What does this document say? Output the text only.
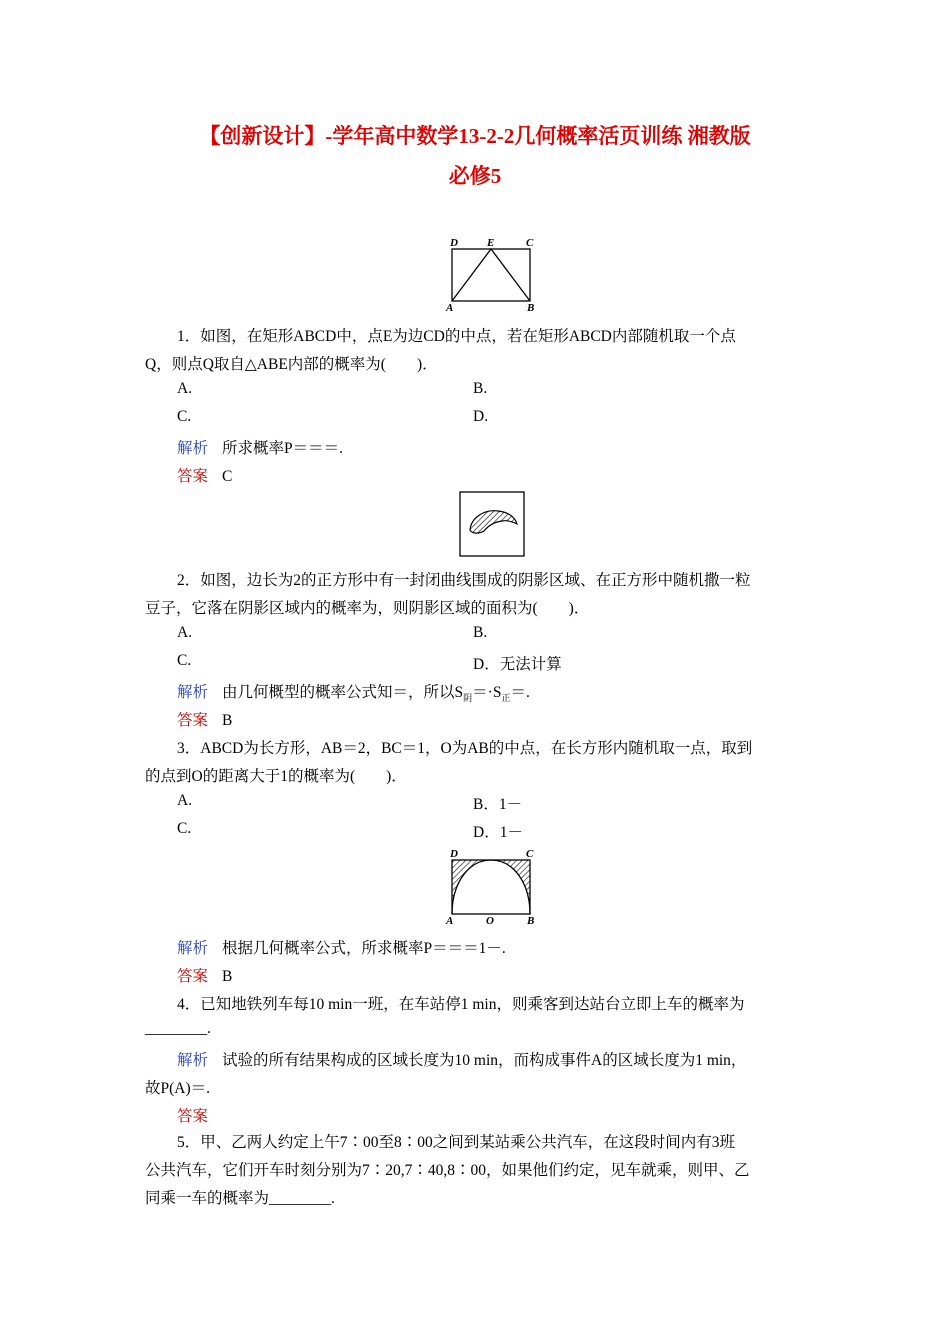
【创新设计】-学年高中数学13-2-2几何概率活页训练 湘教版
必修5
D	E	C
A	B
1．如图，在矩形ABCD中，点E为边CD的中点，若在矩形ABCD内部随机取一个点
Q，则点Q取自△ABE内部的概率为(　　)．
A.	B.
C.	D.
解析 所求概率P＝＝＝.
答案 C
2．如图，边长为2的正方形中有一封闭曲线围成的阴影区域、在正方形中随机撒一粒
豆子，它落在阴影区域内的概率为，则阴影区域的面积为(　　)．
A.	B.
C.	D．无法计算
解析 由几何概型的概率公式知＝，所以$S_阴=\cdot S_正=$.
答案 B
3．ABCD为长方形，AB＝2，BC＝1，O为AB的中点，在长方形内随机取一点，取到
的点到O的距离大于1的概率为(　　)．
A.	B．1－
C.	D．1－
D	C
A	O	B
解析 根据几何概率公式，所求概率P＝＝＝1－.
答案 B
4．已知地铁列车每10 min一班，在车站停1 min，则乘客到达站台立即上车的概率为
________.
解析 试验的所有结果构成的区域长度为10 min，而构成事件A的区域长度为1 min，
故P(A)＝.
答案
5．甲、乙两人约定上午7∶00至8∶00之间到某站乘公共汽车，在这段时间内有3班
公共汽车，它们开车时刻分别为7∶20,7∶40,8∶00，如果他们约定，见车就乘，则甲、乙
同乘一车的概率为________.
